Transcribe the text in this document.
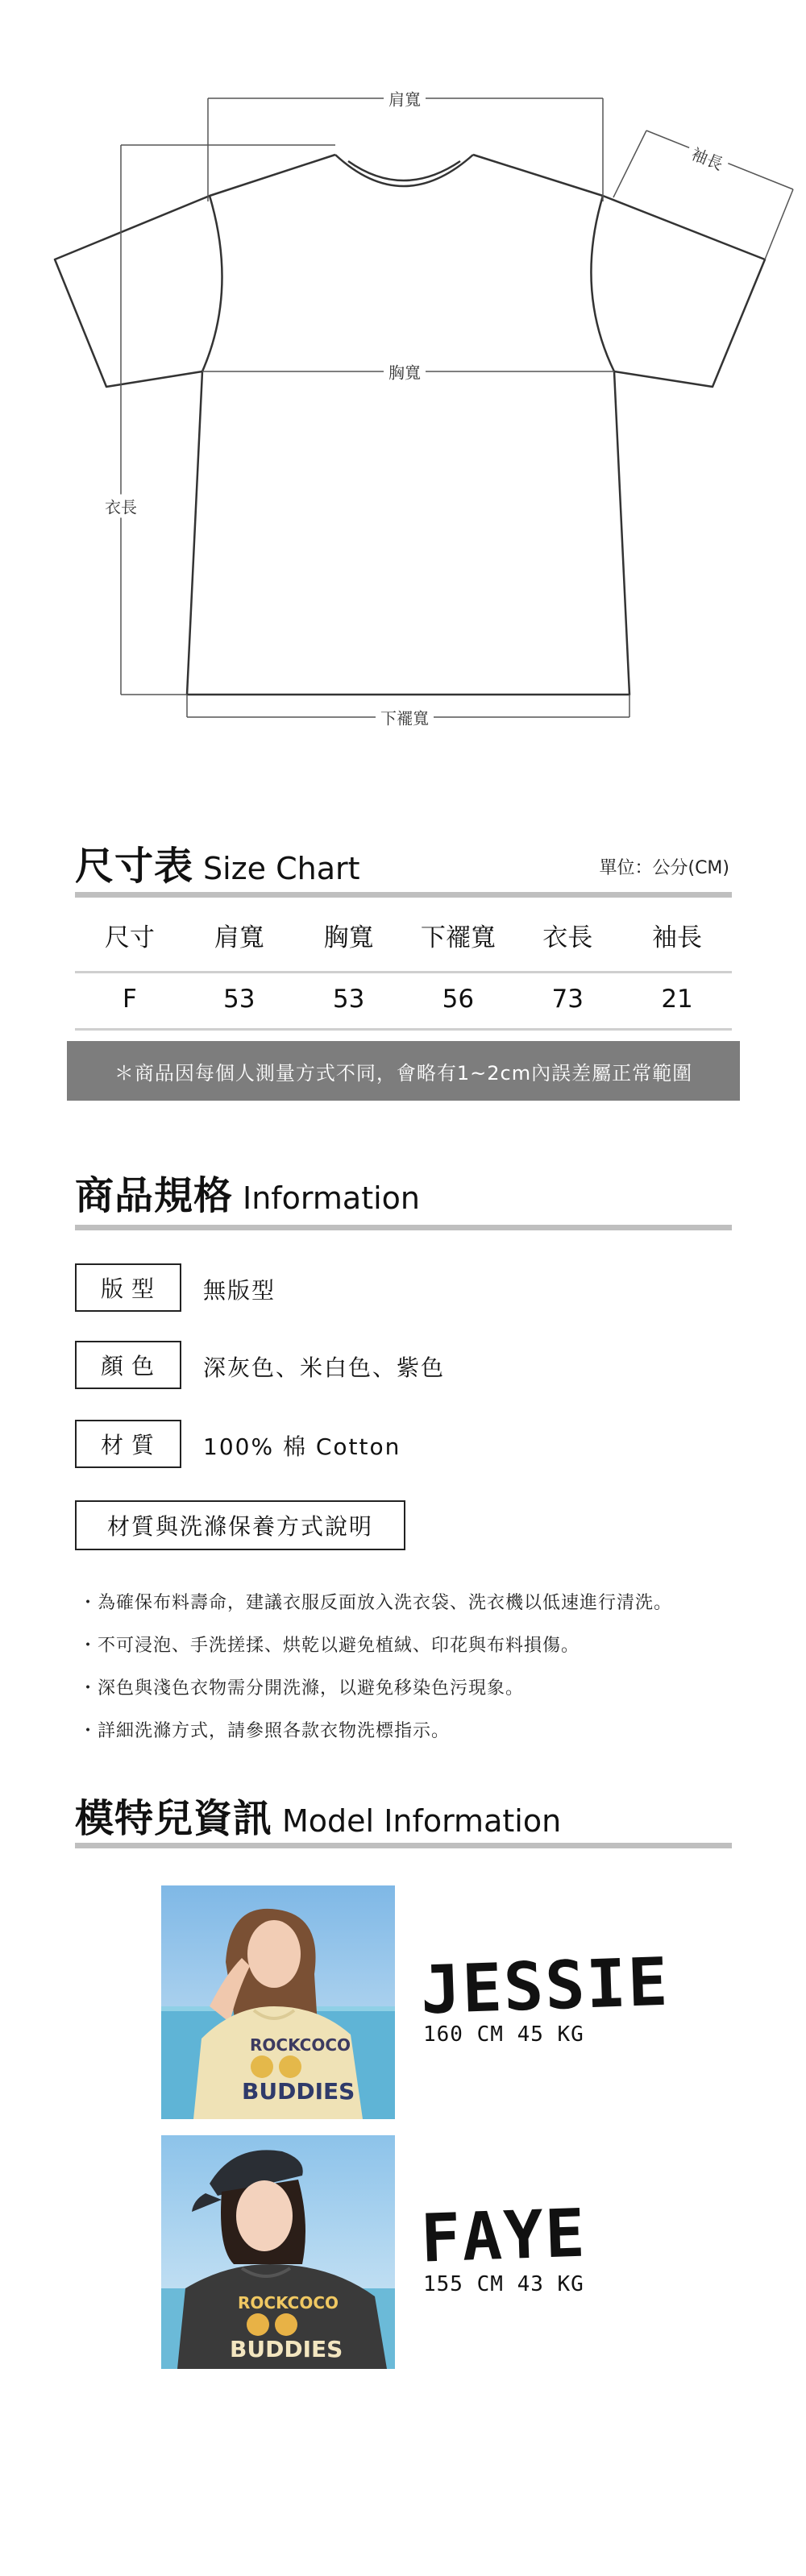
肩寬
袖長
胸寬
衣長
下襬寬
尺寸表 Size Chart	單位：公分(CM)
尺寸	肩寬	胸寬	下襬寬	衣長	袖長
F	53	53	56	73	21
＊商品因每個人測量方式不同，會略有1~2cm內誤差屬正常範圍
商品規格 Information
版型	無版型
顏色	深灰色、米白色、紫色
材質	100% 棉 Cotton
材質與洗滌保養方式說明
・為確保布料壽命，建議衣服反面放入洗衣袋、洗衣機以低速進行清洗。
・不可浸泡、手洗搓揉、烘乾以避免植絨、印花與布料損傷。
・深色與淺色衣物需分開洗滌，以避免移染色污現象。
・詳細洗滌方式，請參照各款衣物洗標指示。
模特兒資訊 Model Information
ROCKCOCO
BUDDIES
JESSIE
160 CM 45 KG
ROCKCOCO
BUDDIES
FAYE
155 CM 43 KG
